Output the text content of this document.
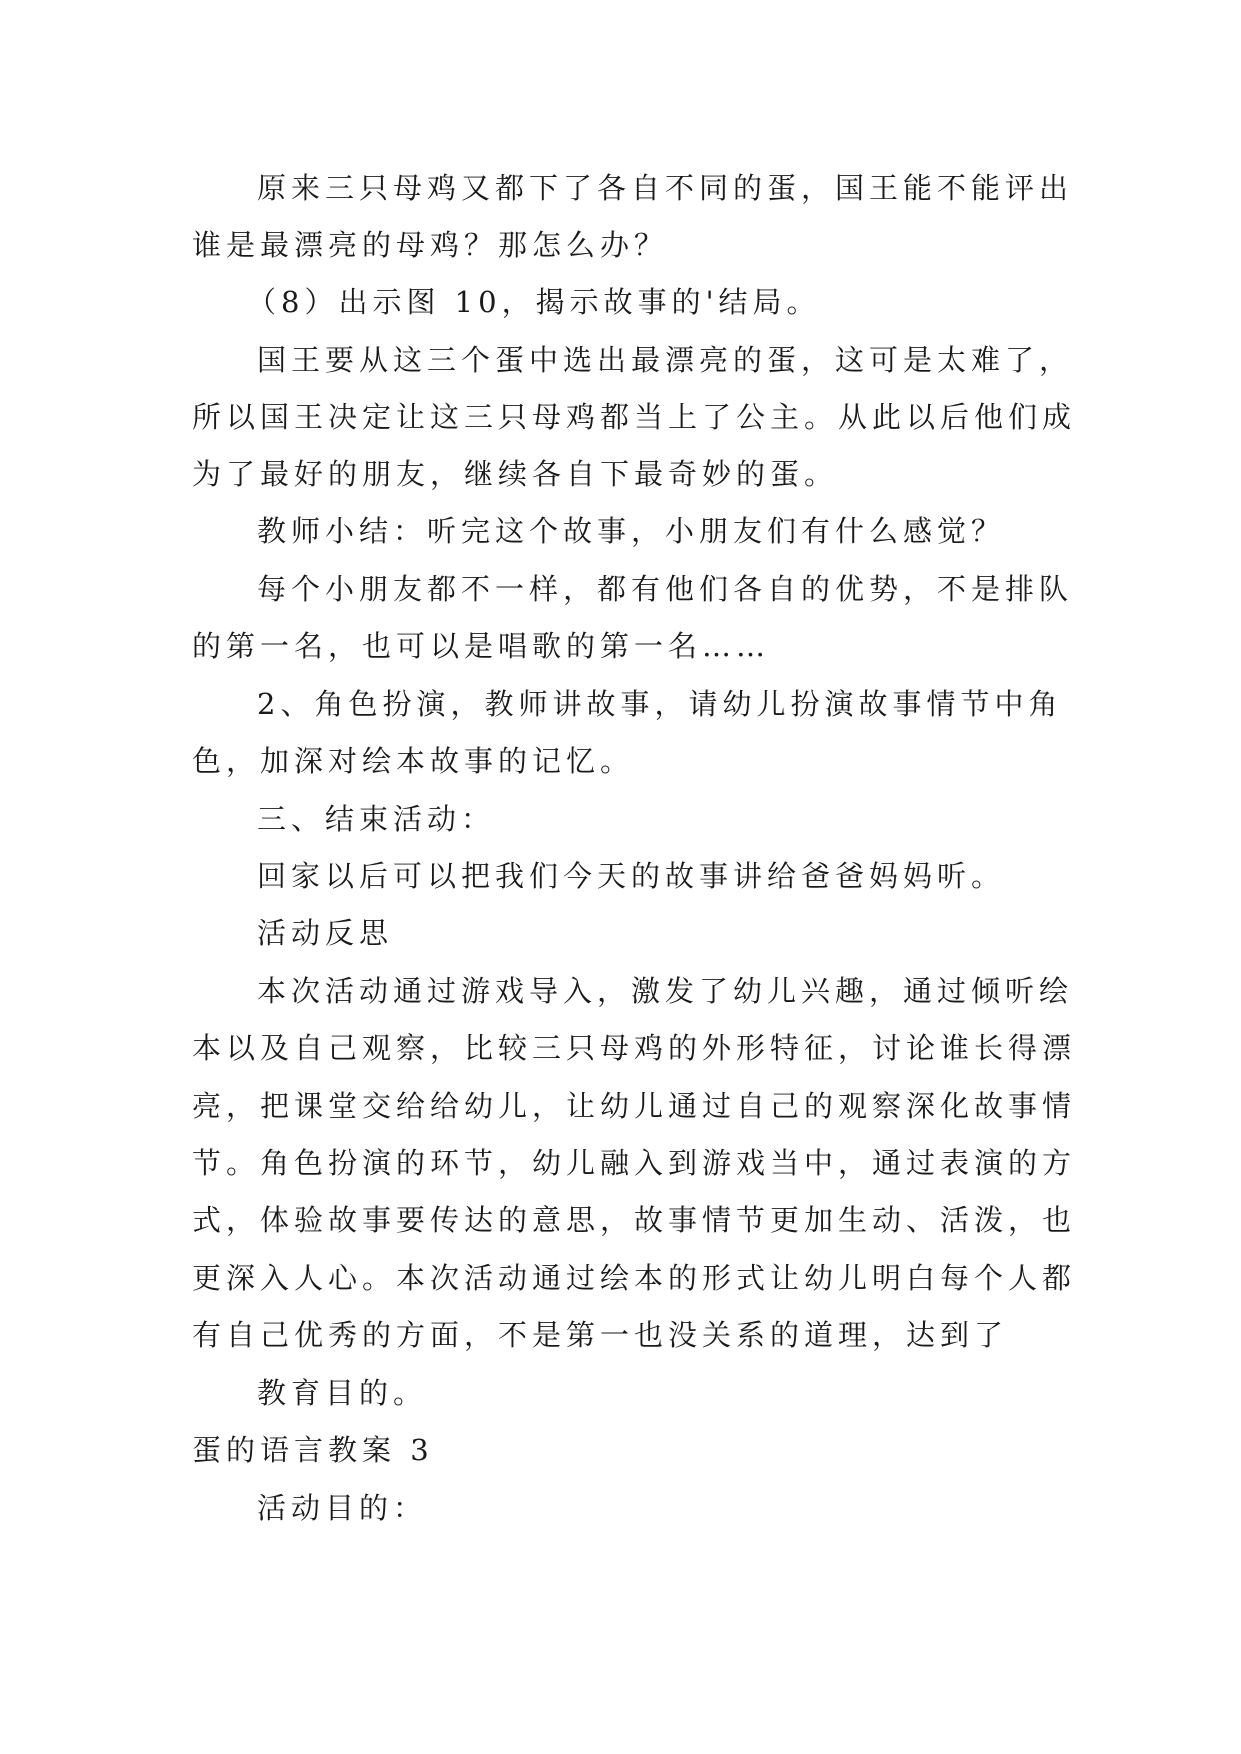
原来三只母鸡又都下了各自不同的蛋，国王能不能评出
谁是最漂亮的母鸡？那怎么办？
（8）出示图 10，揭示故事的'结局。
国王要从这三个蛋中选出最漂亮的蛋，这可是太难了，
所以国王决定让这三只母鸡都当上了公主。从此以后他们成
为了最好的朋友，继续各自下最奇妙的蛋。
教师小结：听完这个故事，小朋友们有什么感觉？
每个小朋友都不一样，都有他们各自的优势，不是排队
的第一名，也可以是唱歌的第一名……
2、角色扮演，教师讲故事，请幼儿扮演故事情节中角
色，加深对绘本故事的记忆。
三、结束活动：
回家以后可以把我们今天的故事讲给爸爸妈妈听。
活动反思
本次活动通过游戏导入，激发了幼儿兴趣，通过倾听绘
本以及自己观察，比较三只母鸡的外形特征，讨论谁长得漂
亮，把课堂交给给幼儿，让幼儿通过自己的观察深化故事情
节。角色扮演的环节，幼儿融入到游戏当中，通过表演的方
式，体验故事要传达的意思，故事情节更加生动、活泼，也
更深入人心。本次活动通过绘本的形式让幼儿明白每个人都
有自己优秀的方面，不是第一也没关系的道理，达到了
教育目的。
蛋的语言教案 3
活动目的：
